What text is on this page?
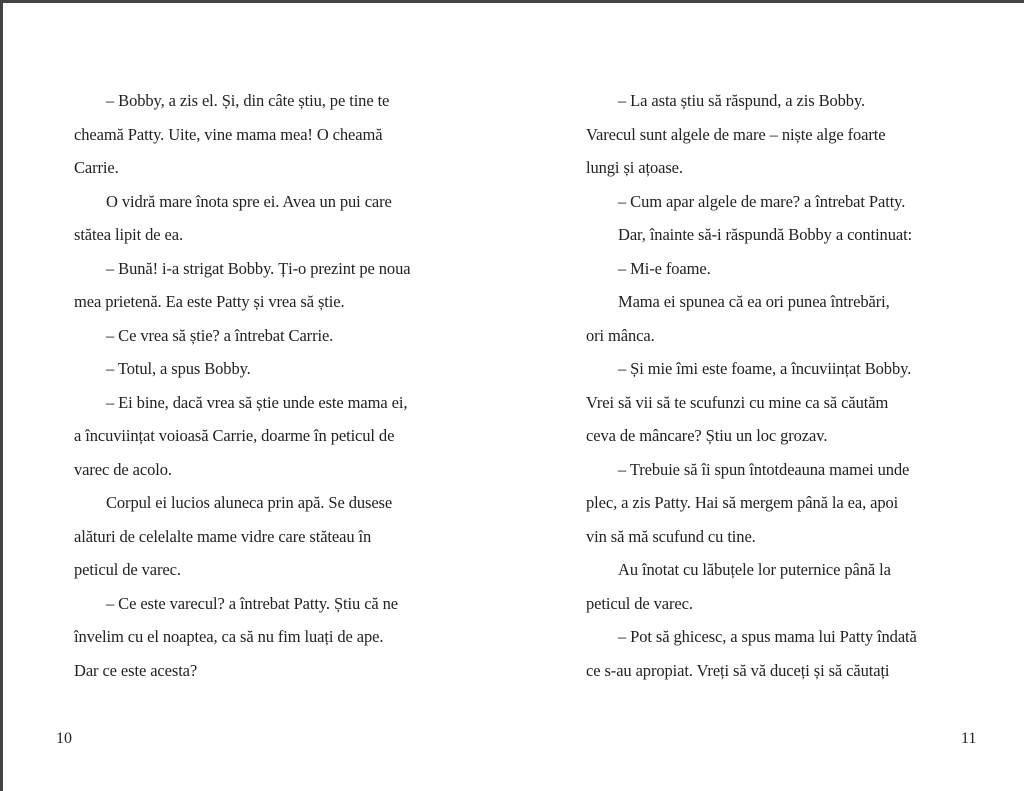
– Bobby, a zis el. Și, din câte știu, pe tine te
cheamă Patty. Uite, vine mama mea! O cheamă
Carrie.
O vidră mare înota spre ei. Avea un pui care
stătea lipit de ea.
– Bună! i-a strigat Bobby. Ți-o prezint pe noua
mea prietenă. Ea este Patty și vrea să știe.
– Ce vrea să știe? a întrebat Carrie.
– Totul, a spus Bobby.
– Ei bine, dacă vrea să știe unde este mama ei,
a încuviințat voioasă Carrie, doarme în peticul de
varec de acolo.
Corpul ei lucios aluneca prin apă. Se dusese
alături de celelalte mame vidre care stăteau în
peticul de varec.
– Ce este varecul? a întrebat Patty. Știu că ne
învelim cu el noaptea, ca să nu fim luați de ape.
Dar ce este acesta?
10
– La asta știu să răspund, a zis Bobby.
Varecul sunt algele de mare – niște alge foarte
lungi și ațoase.
– Cum apar algele de mare? a întrebat Patty.
Dar, înainte să-i răspundă Bobby a continuat:
– Mi-e foame.
Mama ei spunea că ea ori punea întrebări,
ori mânca.
– Și mie îmi este foame, a încuviințat Bobby.
Vrei să vii să te scufunzi cu mine ca să căutăm
ceva de mâncare? Știu un loc grozav.
– Trebuie să îi spun întotdeauna mamei unde
plec, a zis Patty. Hai să mergem până la ea, apoi
vin să mă scufund cu tine.
Au înotat cu lăbuțele lor puternice până la
peticul de varec.
– Pot să ghicesc, a spus mama lui Patty îndată
ce s-au apropiat. Vreți să vă duceți și să căutați
11
